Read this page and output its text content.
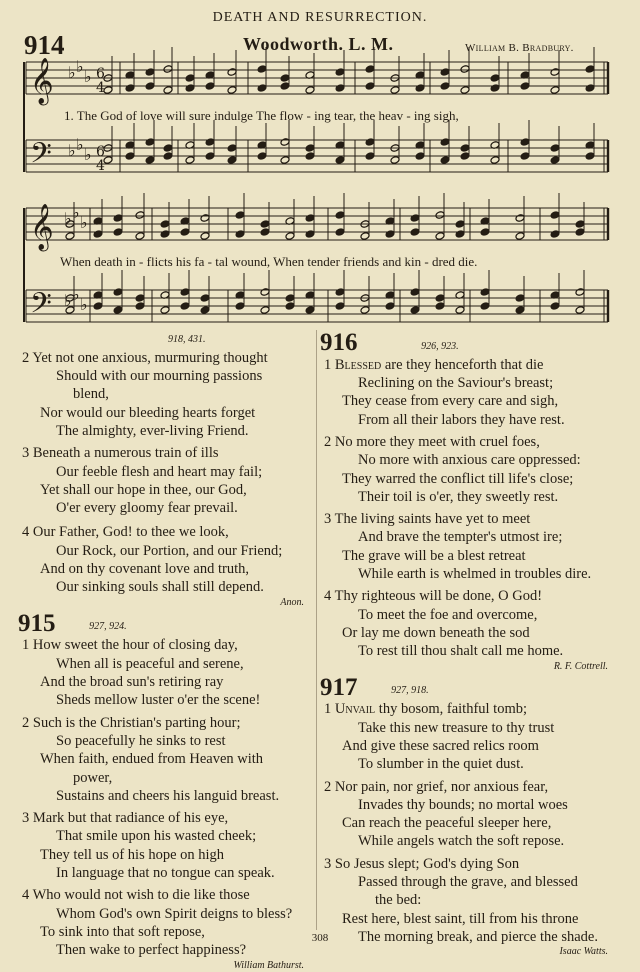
DEATH AND RESURRECTION.
914	Woodworth. L. M.	William B. Bradbury.
𝄞
𝄢
𝄞
𝄢
♭ ♭
♭
♭ ♭
♭
♭ ♭
♭
♭ ♭
♭
6
4
6
4
1. The God of love will sure indulge The flow - ing tear, the heav - ing sigh,
When death in - flicts his fa - tal wound, When tender friends and kin - dred die.
918, 431.
2 Yet not one anxious, murmuring thought
Should with our mourning passions
blend,
Nor would our bleeding hearts forget
The almighty, ever-living Friend.
3 Beneath a numerous train of ills
Our feeble flesh and heart may fail;
Yet shall our hope in thee, our God,
O'er every gloomy fear prevail.
4 Our Father, God! to thee we look,
Our Rock, our Portion, and our Friend;
And on thy covenant love and truth,
Our sinking souls shall still depend.
Anon.
915	927, 924.
1 How sweet the hour of closing day,
When all is peaceful and serene,
And the broad sun's retiring ray
Sheds mellow luster o'er the scene!
2 Such is the Christian's parting hour;
So peacefully he sinks to rest
When faith, endued from Heaven with
power,
Sustains and cheers his languid breast.
3 Mark but that radiance of his eye,
That smile upon his wasted cheek;
They tell us of his hope on high
In language that no tongue can speak.
4 Who would not wish to die like those
Whom God's own Spirit deigns to bless?
To sink into that soft repose,
Then wake to perfect happiness?
William Bathurst.
916	926, 923.
1 Blessed are they henceforth that die
Reclining on the Saviour's breast;
They cease from every care and sigh,
From all their labors they have rest.
2 No more they meet with cruel foes,
No more with anxious care oppressed:
They warred the conflict till life's close;
Their toil is o'er, they sweetly rest.
3 The living saints have yet to meet
And brave the tempter's utmost ire;
The grave will be a blest retreat
While earth is whelmed in troubles dire.
4 Thy righteous will be done, O God!
To meet the foe and overcome,
Or lay me down beneath the sod
To rest till thou shalt call me home.
R. F. Cottrell.
917	927, 918.
1 Unvail thy bosom, faithful tomb;
Take this new treasure to thy trust
And give these sacred relics room
To slumber in the quiet dust.
2 Nor pain, nor grief, nor anxious fear,
Invades thy bounds; no mortal woes
Can reach the peaceful sleeper here,
While angels watch the soft repose.
3 So Jesus slept; God's dying Son
Passed through the grave, and blessed
the bed:
Rest here, blest saint, till from his throne
The morning break, and pierce the shade.
Isaac Watts.
308
